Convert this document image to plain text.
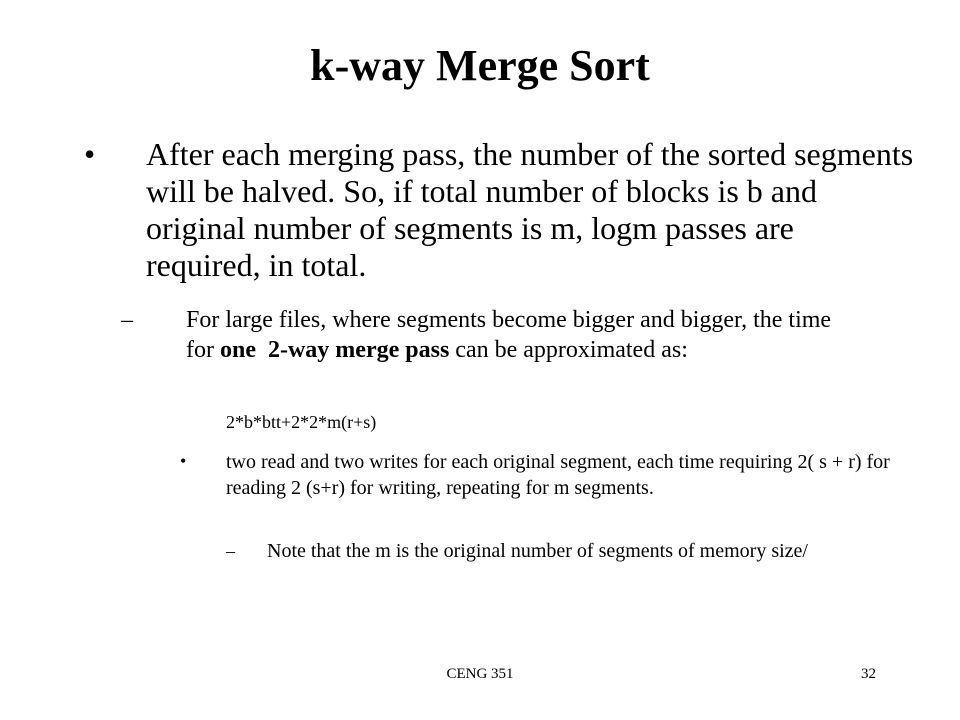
k-way Merge Sort
• After each merging pass, the number of the sorted segments will be halved. So, if total number of blocks is b and original number of segments is m, logm passes are required, in total.
– For large files, where segments become bigger and bigger, the time for one 2-way merge pass can be approximated as:
2*b*btt+2*2*m(r+s)
• two read and two writes for each original segment, each time requiring 2( s + r) for reading 2 (s+r) for writing, repeating for m segments.
– Note that the m is the original number of segments of memory size/
CENG 351	32
